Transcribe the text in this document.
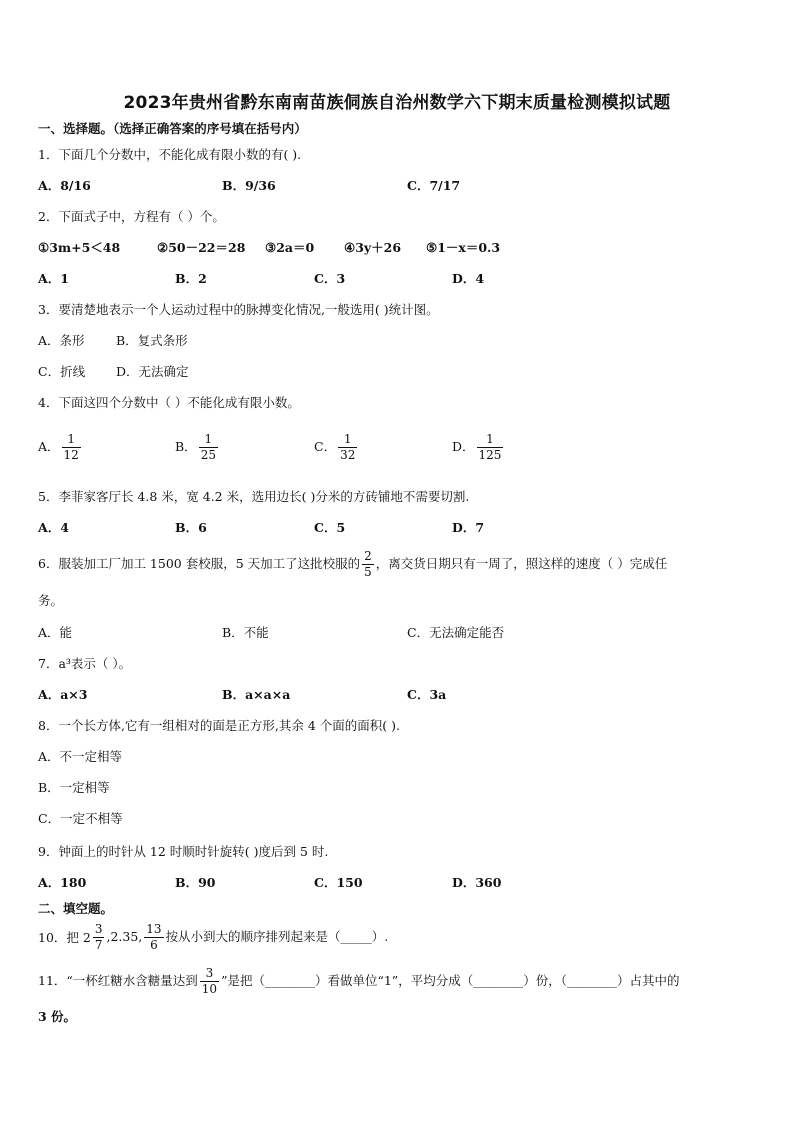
2023年贵州省黔东南南苗族侗族自治州数学六下期末质量检测模拟试题
一、选择题。（选择正确答案的序号填在括号内）
1．下面几个分数中，不能化成有限小数的有( ).
A．8/16	B．9/36	C．7/17
2．下面式子中，方程有（ ）个。
①3m+5＜48	②50－22＝28 ③2a＝0 ④3y＋26 ⑤1－x＝0.3
A．1	B．2	C．3	D．4
3．要清楚地表示一个人运动过程中的脉搏变化情况,一般选用( )统计图。
A．条形	B．复式条形
C．折线 D．无法确定
4．下面这四个分数中（ ）不能化成有限小数。
A． $\frac{1}{12}$	B． $\frac{1}{25}$	C． $\frac{1}{32}$	D． $\frac{1}{125}$
5．李菲家客厅长 4.8 米，宽 4.2 米，选用边长( )分米的方砖铺地不需要切割.
A．4	B．6	C．5	D．7
6．服装加工厂加工 1500 套校服，5 天加工了这批校服的 $\frac{2}{5}$ ，离交货日期只有一周了，照这样的速度（ ）完成任
务。
A．能	B．不能	C．无法确定能否
7．a³表示（ ）。
A．a×3	B．a×a×a	C．3a
8．一个长方体,它有一组相对的面是正方形,其余 4 个面的面积( ).
A．不一定相等
B．一定相等
C．一定不相等
9．钟面上的时针从 12 时顺时针旋转( )度后到 5 时.
A．180	B．90	C．150	D．360
二、填空题。
10．把 $2 \frac{3}{7} ,2.35$, $\frac{13}{6}$ 按从小到大的顺序排列起来是（_____）.
11．“一杯红糖水含糖量达到 $\frac{3}{10}$ ”是把（________）看做单位“1”，平均分成（________）份，（________）占其中的
3 份。
